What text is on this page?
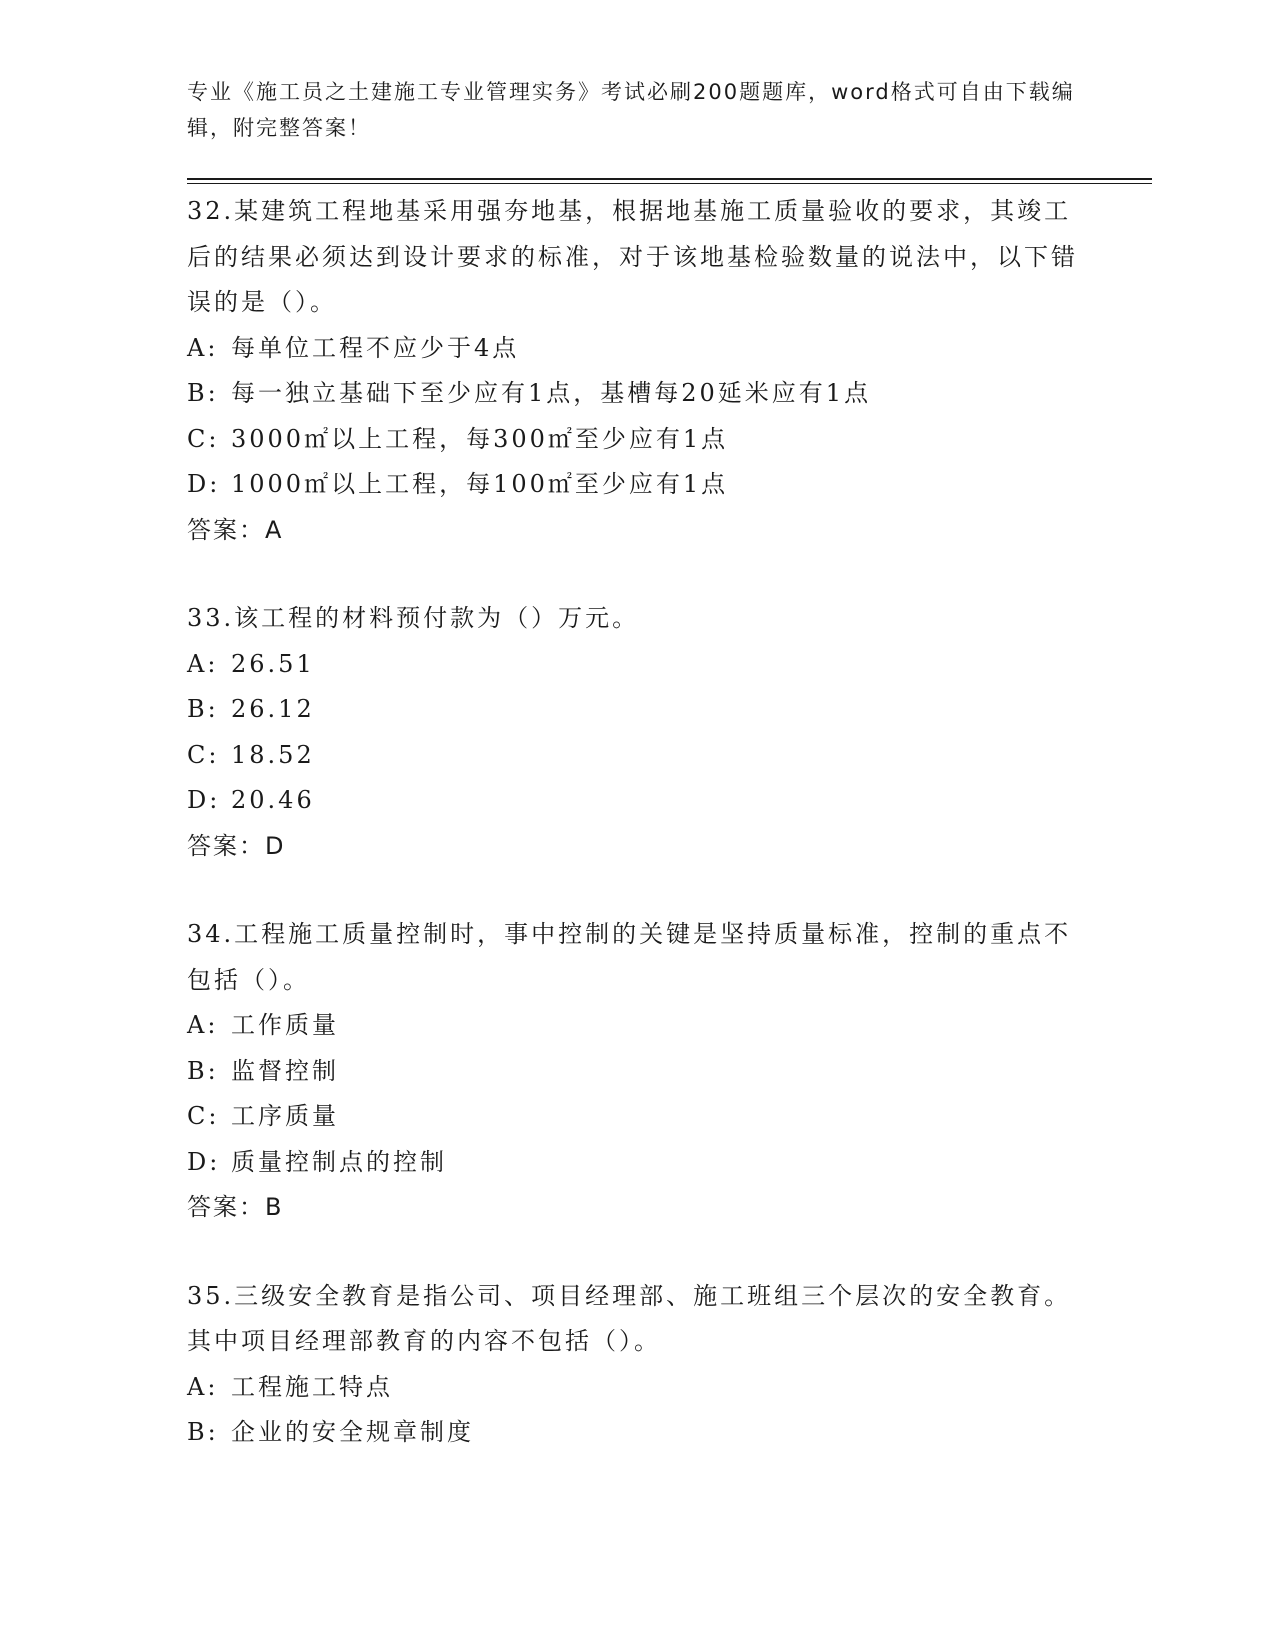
专业《施工员之土建施工专业管理实务》考试必刷200题题库，word格式可自由下载编辑，附完整答案！

32.某建筑工程地基采用强夯地基，根据地基施工质量验收的要求，其竣工后的结果必须达到设计要求的标准，对于该地基检验数量的说法中，以下错误的是（）。

A: 每单位工程不应少于4点

B: 每一独立基础下至少应有1点，基槽每20延米应有1点

C: 3000㎡以上工程，每300㎡至少应有1点

D: 1000㎡以上工程，每100㎡至少应有1点

答案：A

33.该工程的材料预付款为（）万元。

A: 26.51

B: 26.12

C: 18.52

D: 20.46

答案：D

34.工程施工质量控制时，事中控制的关键是坚持质量标准，控制的重点不包括（）。

A: 工作质量

B: 监督控制

C: 工序质量

D: 质量控制点的控制

答案：B

35.三级安全教育是指公司、项目经理部、施工班组三个层次的安全教育。其中项目经理部教育的内容不包括（）。

A: 工程施工特点

B: 企业的安全规章制度
